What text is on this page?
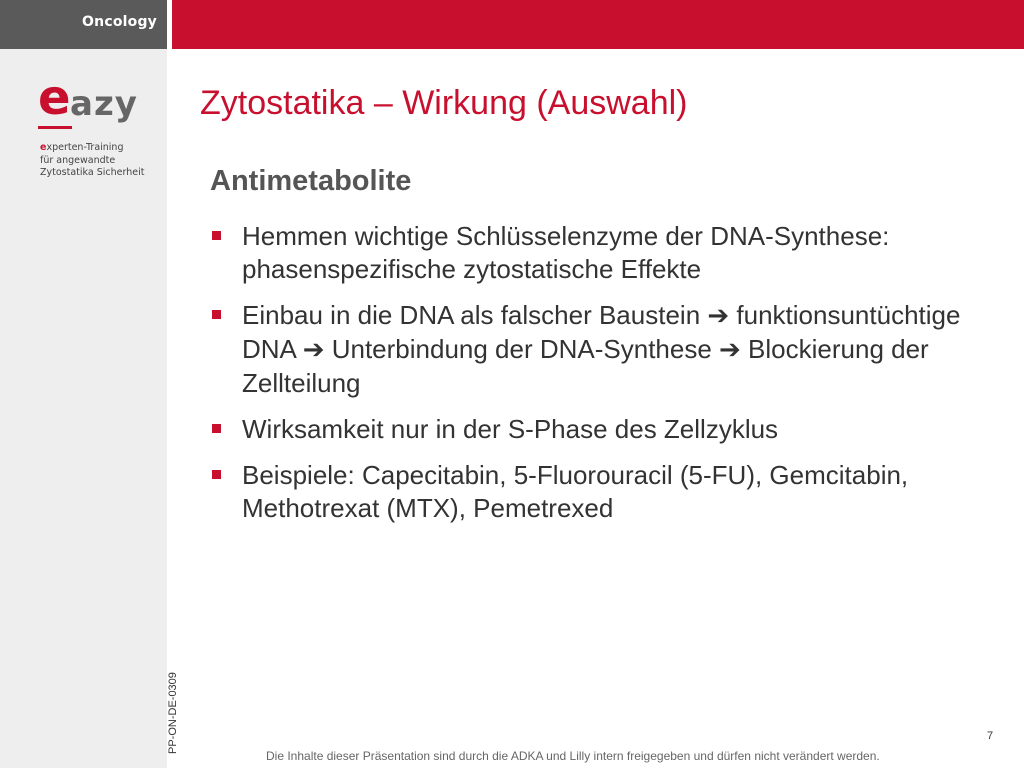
Oncology
e azy
experten-Training
für angewandte
Zytostatika Sicherheit
PP-ON-DE-0309
Zytostatika – Wirkung (Auswahl)
Antimetabolite
Hemmen wichtige Schlüsselenzyme der DNA-Synthese: phasenspezifische zytostatische Effekte
Einbau in die DNA als falscher Baustein ➔ funktionsuntüchtige DNA ➔ Unterbindung der DNA-Synthese ➔ Blockierung der Zellteilung
Wirksamkeit nur in der S-Phase des Zellzyklus
Beispiele: Capecitabin, 5-Fluorouracil (5-FU), Gemcitabin, Methotrexat (MTX), Pemetrexed
7
Die Inhalte dieser Präsentation sind durch die ADKA und Lilly intern freigegeben und dürfen nicht verändert werden.
